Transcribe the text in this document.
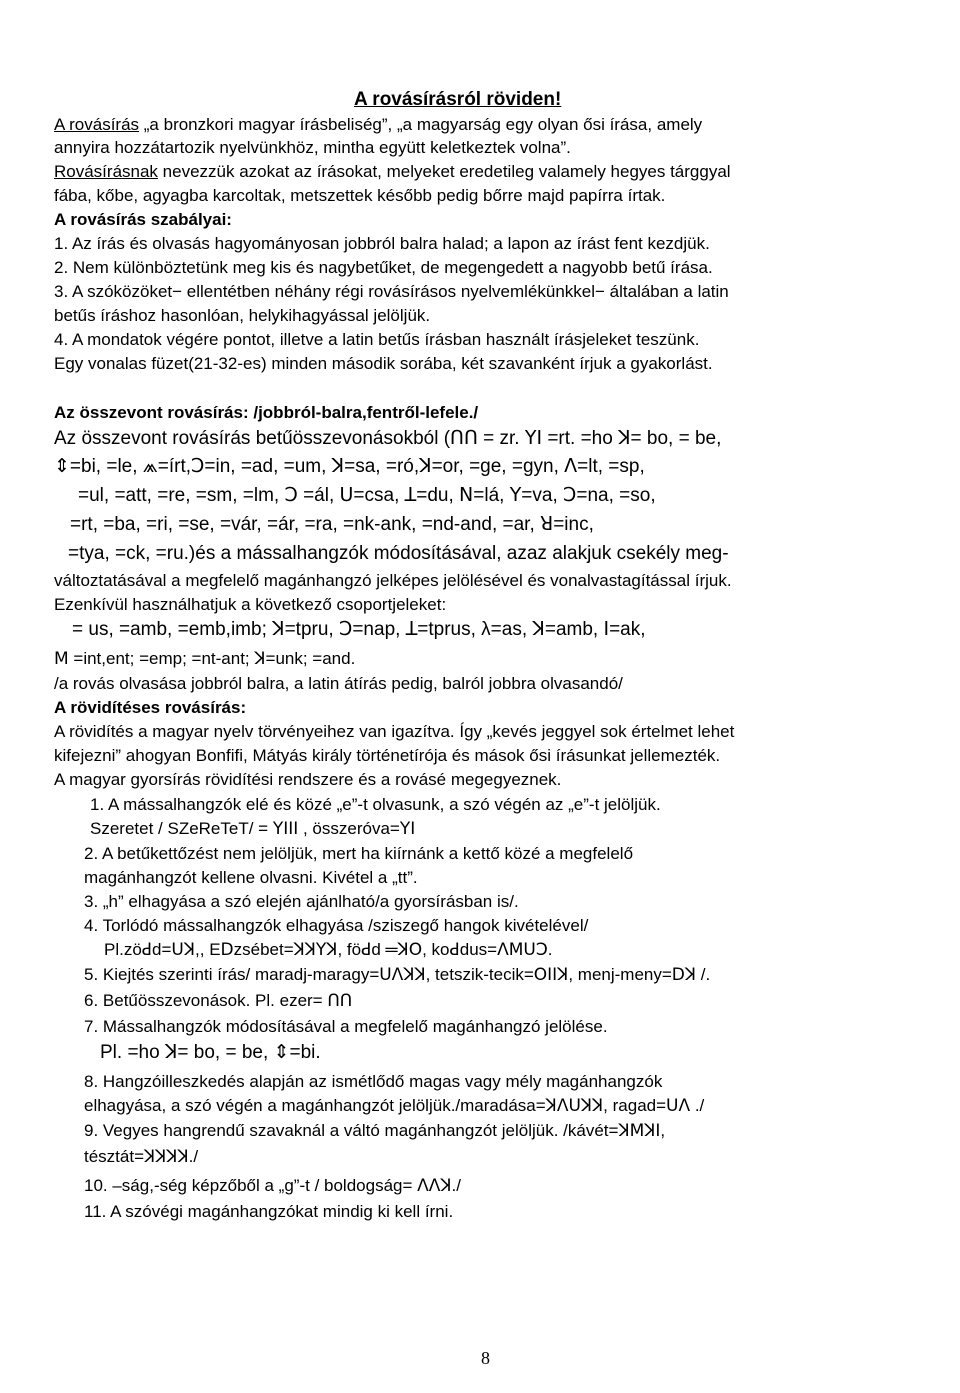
A rovásírásról röviden!
A rovásírás „a bronzkori magyar írásbeliség”, „a magyarság egy olyan ősi írása, amely
annyira hozzátartozik nyelvünkhöz, mintha együtt keletkeztek volna”.
Rovásírásnak nevezzük azokat az írásokat, melyeket eredetileg valamely hegyes tárggyal
fába, kőbe, agyagba karcoltak, metszettek később pedig bőrre majd papírra írtak.
A rovásírás szabályai:
1. Az írás és olvasás hagyományosan jobbról balra halad; a lapon az írást fent kezdjük.
2. Nem különböztetünk meg kis és nagybetűket, de megengedett a nagyobb betű írása.
3. A szóközöket− ellentétben néhány régi rovásírásos nyelvemlékünkkel− általában a latin
betűs íráshoz hasonlóan, helykihagyással jelöljük.
4. A mondatok végére pontot, illetve a latin betűs írásban használt írásjeleket teszünk.
Egy vonalas füzet(21-32-es) minden második sorába, két szavanként írjuk a gyakorlást.
Az összevont rovásírás: /jobbról-balra,fentről-lefele./
Az összevont rovásírás betűösszevonásokból (ꓵꓵ = zr. ꓬꓲ =rt. =ho ꓘ= bo, = be,
⇕=bi, =le, ⩕=írt,ꓛ=in, =ad, =um, ꓘ=sa, =ró,ꓘ=or, =ge, =gyn, ꓥ=lt, =sp,
=ul, =att, =re, =sm, =lm, ꓛ =ál, ꓴ=csa, ꓕ=du, ꓠ=lá, ꓬ=va, ꓛ=na, =so,
=rt, =ba, =ri, =se, =vár, =ár, =ra, =nk-ank, =nd-and, =ar, ꓤ=inc,
=tya, =ck, =ru.)és a mássalhangzók módosításával, azaz alakjuk csekély meg-
változtatásával a megfelelő magánhangzó jelképes jelölésével és vonalvastagítással írjuk.
Ezenkívül használhatjuk a következő csoportjeleket:
= us, =amb, =emb,imb; ꓘ=tpru, ꓛ=nap, ꓕ=tprus, λ=as, ꓘ=amb, ꓲ=ak,
ꓟ =int,ent; =emp; =nt-ant; ꓘ=unk; =and.
/a rovás olvasása jobbról balra, a latin átírás pedig, balról jobbra olvasandó/
A rövidítéses rovásírás:
A rövidítés a magyar nyelv törvényeihez van igazítva. Így „kevés jeggyel sok értelmet lehet
kifejezni” ahogyan Bonfifi, Mátyás király történetírója és mások ősi írásunkat jellemezték.
A magyar gyorsírás rövidítési rendszere és a rovásé megegyeznek.
1. A mássalhangzók elé és közé „e”-t olvasunk, a szó végén az „e”-t jelöljük.
Szeretet / SZeReTeT/ = ꓬꓲꓲꓲ , összeróva=ꓬꓲ
2. A betűkettőzést nem jelöljük, mert ha kiírnánk a kettő közé a megfelelő
magánhangzót kellene olvasni. Kivétel a „tt”.
3. „h” elhagyása a szó elején ajánlható/a gyorsírásban is/.
4. Torlódó mássalhangzók elhagyása /sziszegő hangok kivételével/
Pl.zöꓒd=ꓴꓘ,, Eꓓzsébet=ꓘꓘꓬꓘ, föꓒd ═ꓘꓳ, koꓒdus=ꓥꓟꓴꓛ.
5. Kiejtés szerinti írás/ maradj-maragy=ꓴꓥꓘꓘ, tetszik-tecik=ꓳꓲꓲꓘ, menj-meny=ꓓꓘ /.
6. Betűösszevonások. Pl. ezer= ꓵꓵ
7. Mássalhangzók módosításával a megfelelő magánhangzó jelölése.
Pl. =ho ꓘ= bo, = be, ⇕=bi.
8. Hangzóilleszkedés alapján az ismétlődő magas vagy mély magánhangzók
elhagyása, a szó végén a magánhangzót jelöljük./maradása=ꓘꓥꓴꓘꓘ, ragad=ꓴꓥ ./
9. Vegyes hangrendű szavaknál a váltó magánhangzót jelöljük. /kávét=ꓘꓟꓘꓲ,
tésztát=ꓘꓘꓘꓘ./
10. –ság,-ség képzőből a „g”-t / boldogság= ꓥꓥꓘ./
11. A szóvégi magánhangzókat mindig ki kell írni.
8
